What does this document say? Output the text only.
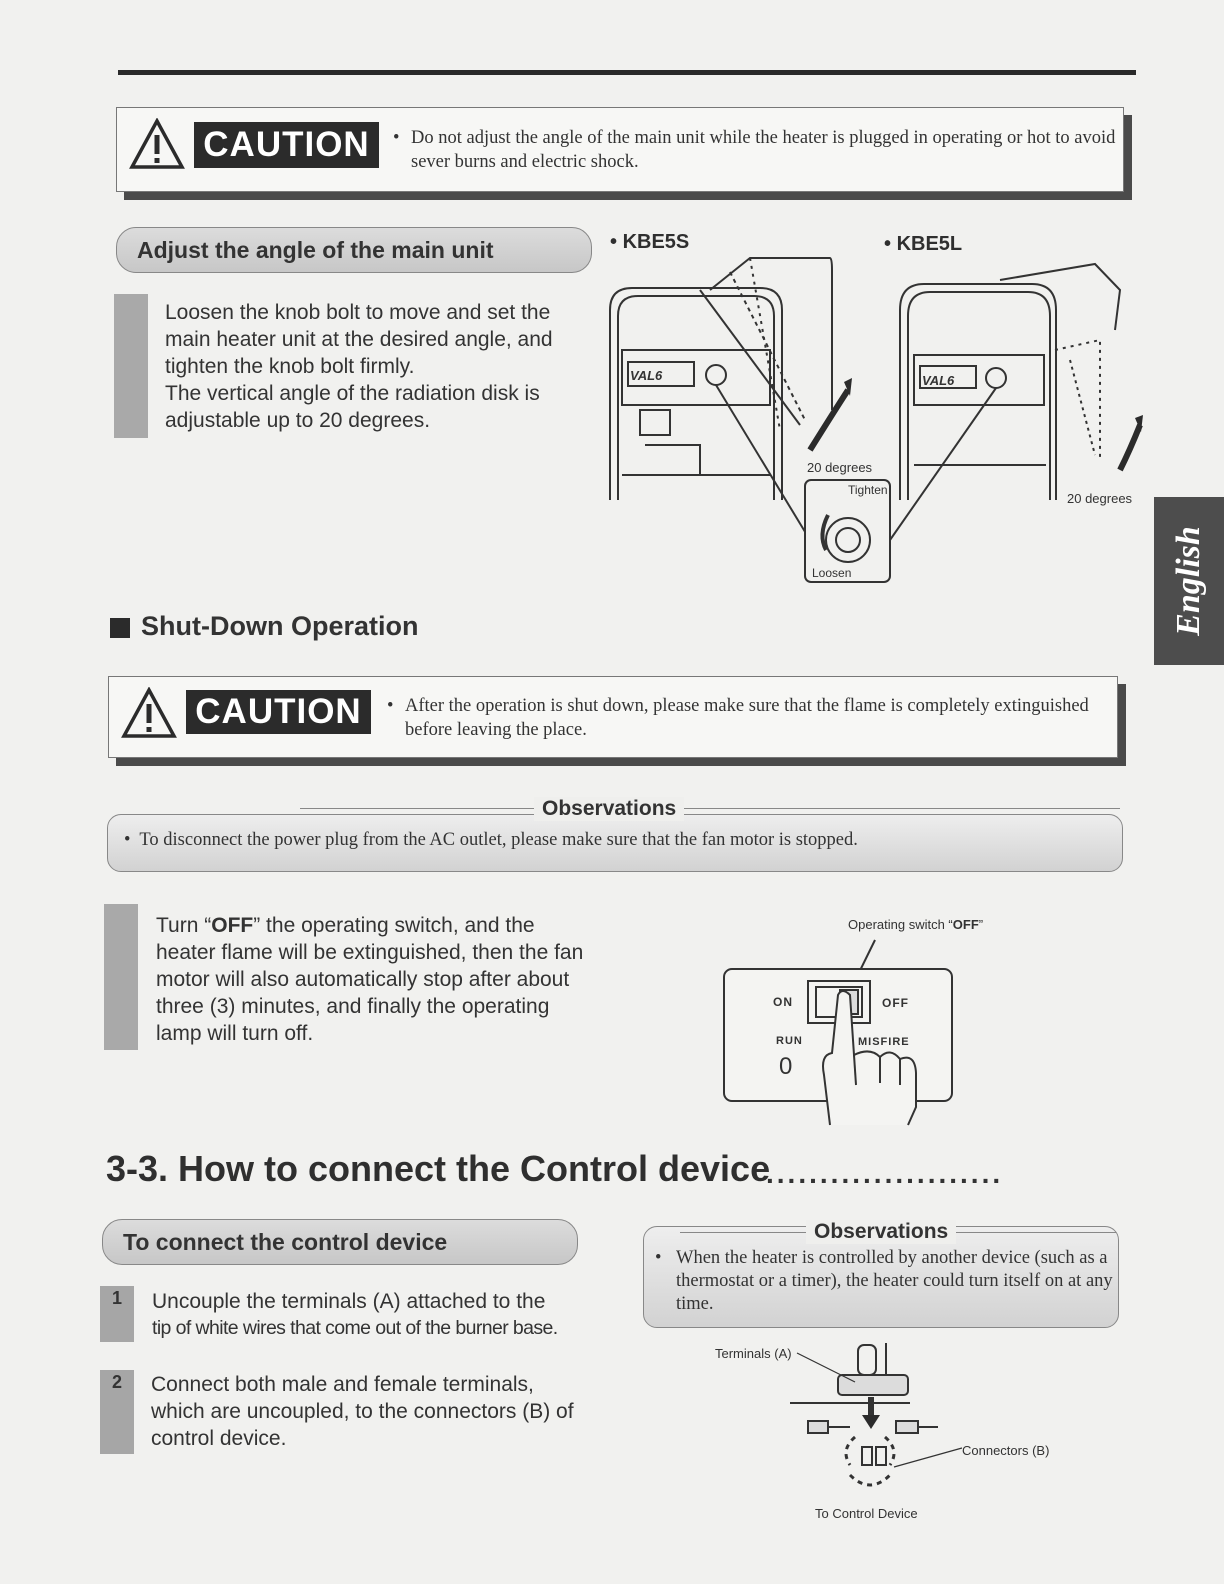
CAUTION	• Do not adjust the angle of the main unit while the heater is plugged in operating or hot to avoid sever burns and electric shock.
Adjust the angle of the main unit
Loosen the knob bolt to move and set the main heater unit at the desired angle, and tighten the knob bolt firmly.
The vertical angle of the radiation disk is adjustable up to 20 degrees.
• KBE5S	• KBE5L
VAL6	VAL6
20 degrees
20 degrees
Tighten
Loosen	English
Shut-Down Operation
CAUTION	• After the operation is shut down, please make sure that the flame is completely extinguished before leaving the place.
Observations
•  To disconnect the power plug from the AC outlet, please make sure that the fan motor is stopped.
Turn “OFF” the operating switch, and the heater flame will be extinguished, then the fan motor will also automatically stop after about three (3) minutes, and finally the operating lamp will turn off.
Operating switch “OFF”
ON	OFF
RUN	MISFIRE
0
3-3. How to connect the Control device
......................
To connect the control device
1	Uncouple the terminals (A) attached to the
tip of white wires that come out of the burner base.
2	Connect both male and female terminals, which are uncoupled, to the connectors (B) of control device.
Observations
• When the heater is controlled by another device (such as a thermostat or a timer), the heater could turn itself on at any time.
Terminals (A)
Connectors (B)
To Control Device
